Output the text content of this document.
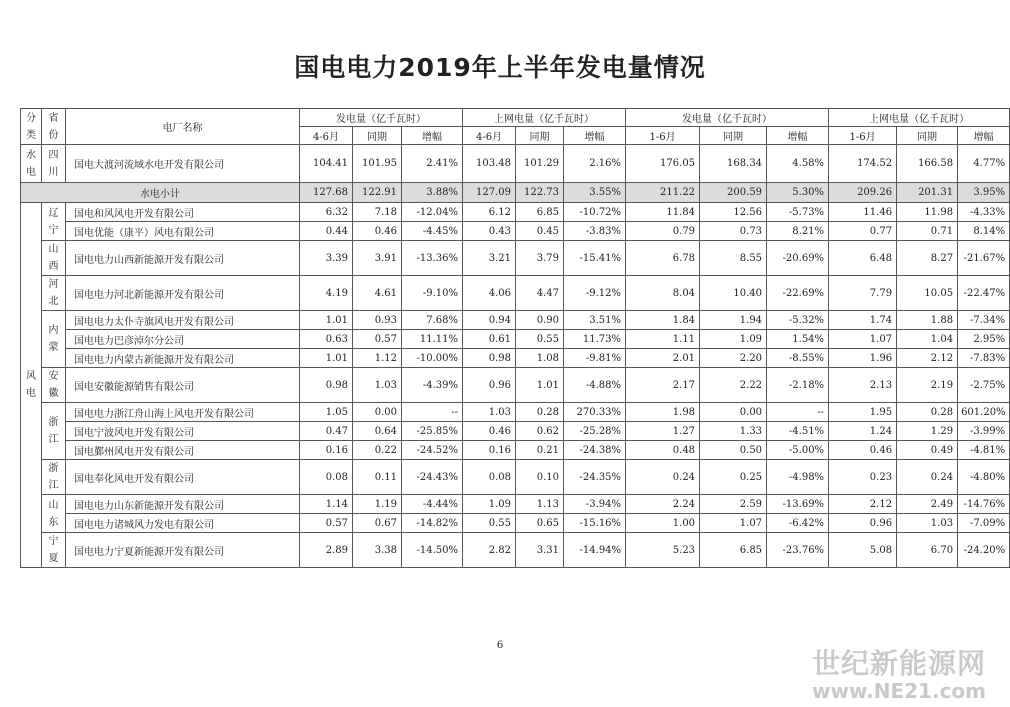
国电电力2019年上半年发电量情况
分类	省份	电厂名称	发电量（亿千瓦时）			上网电量（亿千瓦时）			发电量（亿千瓦时）			上网电量（亿千瓦时）		
			4-6月	同期	增幅	4-6月	同期	增幅	1-6月	同期	增幅	1-6月	同期	增幅
水电	四川	国电大渡河流域水电开发有限公司	104.41	101.95	2.41%	103.48	101.29	2.16%	176.05	168.34	4.58%	174.52	166.58	4.77%
水电小计			127.68	122.91	3.88%	127.09	122.73	3.55%	211.22	200.59	5.30%	209.26	201.31	3.95%
风电	辽宁	国电和风风电开发有限公司	6.32	7.18	-12.04%	6.12	6.85	-10.72%	11.84	12.56	-5.73%	11.46	11.98	-4.33%
		国电优能（康平）风电有限公司	0.44	0.46	-4.45%	0.43	0.45	-3.83%	0.79	0.73	8.21%	0.77	0.71	8.14%
	山西	国电电力山西新能源开发有限公司	3.39	3.91	-13.36%	3.21	3.79	-15.41%	6.78	8.55	-20.69%	6.48	8.27	-21.67%
	河北	国电电力河北新能源开发有限公司	4.19	4.61	-9.10%	4.06	4.47	-9.12%	8.04	10.40	-22.69%	7.79	10.05	-22.47%
	内蒙	国电电力太仆寺旗风电开发有限公司	1.01	0.93	7.68%	0.94	0.90	3.51%	1.84	1.94	-5.32%	1.74	1.88	-7.34%
		国电电力巴彦淖尔分公司	0.63	0.57	11.11%	0.61	0.55	11.73%	1.11	1.09	1.54%	1.07	1.04	2.95%
		国电电力内蒙古新能源开发有限公司	1.01	1.12	-10.00%	0.98	1.08	-9.81%	2.01	2.20	-8.55%	1.96	2.12	-7.83%
	安徽	国电安徽能源销售有限公司	0.98	1.03	-4.39%	0.96	1.01	-4.88%	2.17	2.22	-2.18%	2.13	2.19	-2.75%
	浙江	国电电力浙江舟山海上风电开发有限公司	1.05	0.00	--	1.03	0.28	270.33%	1.98	0.00	--	1.95	0.28	601.20%
		国电宁波风电开发有限公司	0.47	0.64	-25.85%	0.46	0.62	-25.28%	1.27	1.33	-4.51%	1.24	1.29	-3.99%
		国电鄞州风电开发有限公司	0.16	0.22	-24.52%	0.16	0.21	-24.38%	0.48	0.50	-5.00%	0.46	0.49	-4.81%
	浙江	国电奉化风电开发有限公司	0.08	0.11	-24.43%	0.08	0.10	-24.35%	0.24	0.25	-4.98%	0.23	0.24	-4.80%
	山东	国电电力山东新能源开发有限公司	1.14	1.19	-4.44%	1.09	1.13	-3.94%	2.24	2.59	-13.69%	2.12	2.49	-14.76%
		国电电力诸城风力发电有限公司	0.57	0.67	-14.82%	0.55	0.65	-15.16%	1.00	1.07	-6.42%	0.96	1.03	-7.09%
	宁夏	国电电力宁夏新能源开发有限公司	2.89	3.38	-14.50%	2.82	3.31	-14.94%	5.23	6.85	-23.76%	5.08	6.70	-24.20%
6
世纪新能源网
www.NE21.com
